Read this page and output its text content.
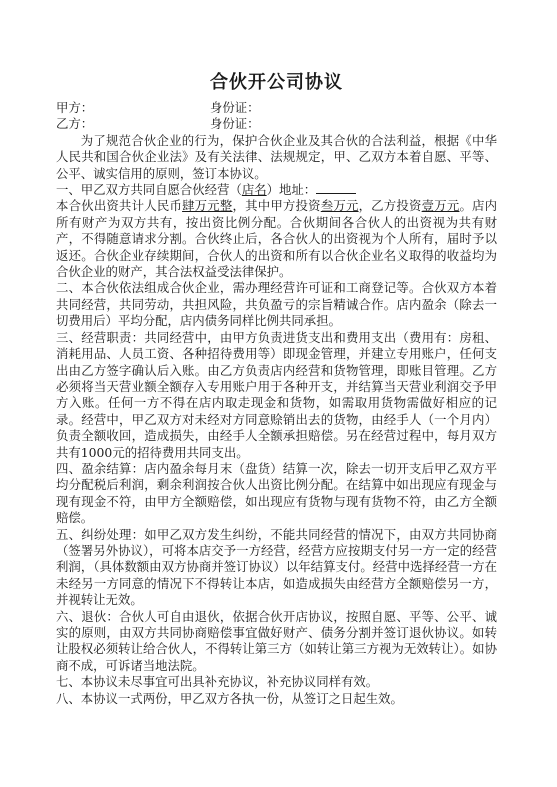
合伙开公司协议
甲方：	身份证：
乙方：	身份证：

为了规范合伙企业的行为，保护合伙企业及其合伙的合法利益，根据《中华人民共和国合伙企业法》及有关法律、法规规定，甲、乙双方本着自愿、平等、公平、诚实信用的原则，签订本协议。

一、甲乙双方共同自愿合伙经营（店名）地址：
本合伙出资共计人民币肆万元整，其中甲方投资叁万元，乙方投资壹万元。店内所有财产为双方共有，按出资比例分配。合伙期间各合伙人的出资视为共有财产，不得随意请求分割。合伙终止后，各合伙人的出资视为个人所有，届时予以返还。合伙企业存续期间，合伙人的出资和所有以合伙企业名义取得的收益均为合伙企业的财产，其合法权益受法律保护。

二、本合伙依法组成合伙企业，需办理经营许可证和工商登记等。合伙双方本着共同经营，共同劳动，共担风险，共负盈亏的宗旨精诚合作。店内盈余（除去一切费用后）平均分配，店内债务同样比例共同承担。

三、经营职责：共同经营中，由甲方负责进货支出和费用支出（费用有：房租、消耗用品、人员工资、各种招待费用等）即现金管理，并建立专用账户，任何支出由乙方签字确认后入账。由乙方负责店内经营和货物管理，即账目管理。乙方必须将当天营业额全额存入专用账户用于各种开支，并结算当天营业利润交予甲方入账。任何一方不得在店内取走现金和货物，如需取用货物需做好相应的记录。经营中，甲乙双方对未经对方同意赊销出去的货物，由经手人（一个月内）负责全额收回，造成损失，由经手人全额承担赔偿。另在经营过程中，每月双方共有1000元的招待费用共同支出。

四、盈余结算：店内盈余每月末（盘货）结算一次，除去一切开支后甲乙双方平均分配税后利润，剩余利润按合伙人出资比例分配。在结算中如出现应有现金与现有现金不符，由甲方全额赔偿，如出现应有货物与现有货物不符，由乙方全额赔偿。

五、纠纷处理：如甲乙双方发生纠纷，不能共同经营的情况下，由双方共同协商（签署另外协议），可将本店交予一方经营，经营方应按期支付另一方一定的经营利润，（具体数额由双方协商并签订协议）以年结算支付。经营中选择经营一方在未经另一方同意的情况下不得转让本店，如造成损失由经营方全额赔偿另一方，并视转让无效。

六、退伙：合伙人可自由退伙，依据合伙开店协议，按照自愿、平等、公平、诚实的原则，由双方共同协商赔偿事宜做好财产、债务分割并签订退伙协议。如转让股权必须转让给合伙人，不得转让第三方（如转让第三方视为无效转让）。如协商不成，可诉诸当地法院。

七、本协议未尽事宜可出具补充协议，补充协议同样有效。

八、本协议一式两份，甲乙双方各执一份，从签订之日起生效。
